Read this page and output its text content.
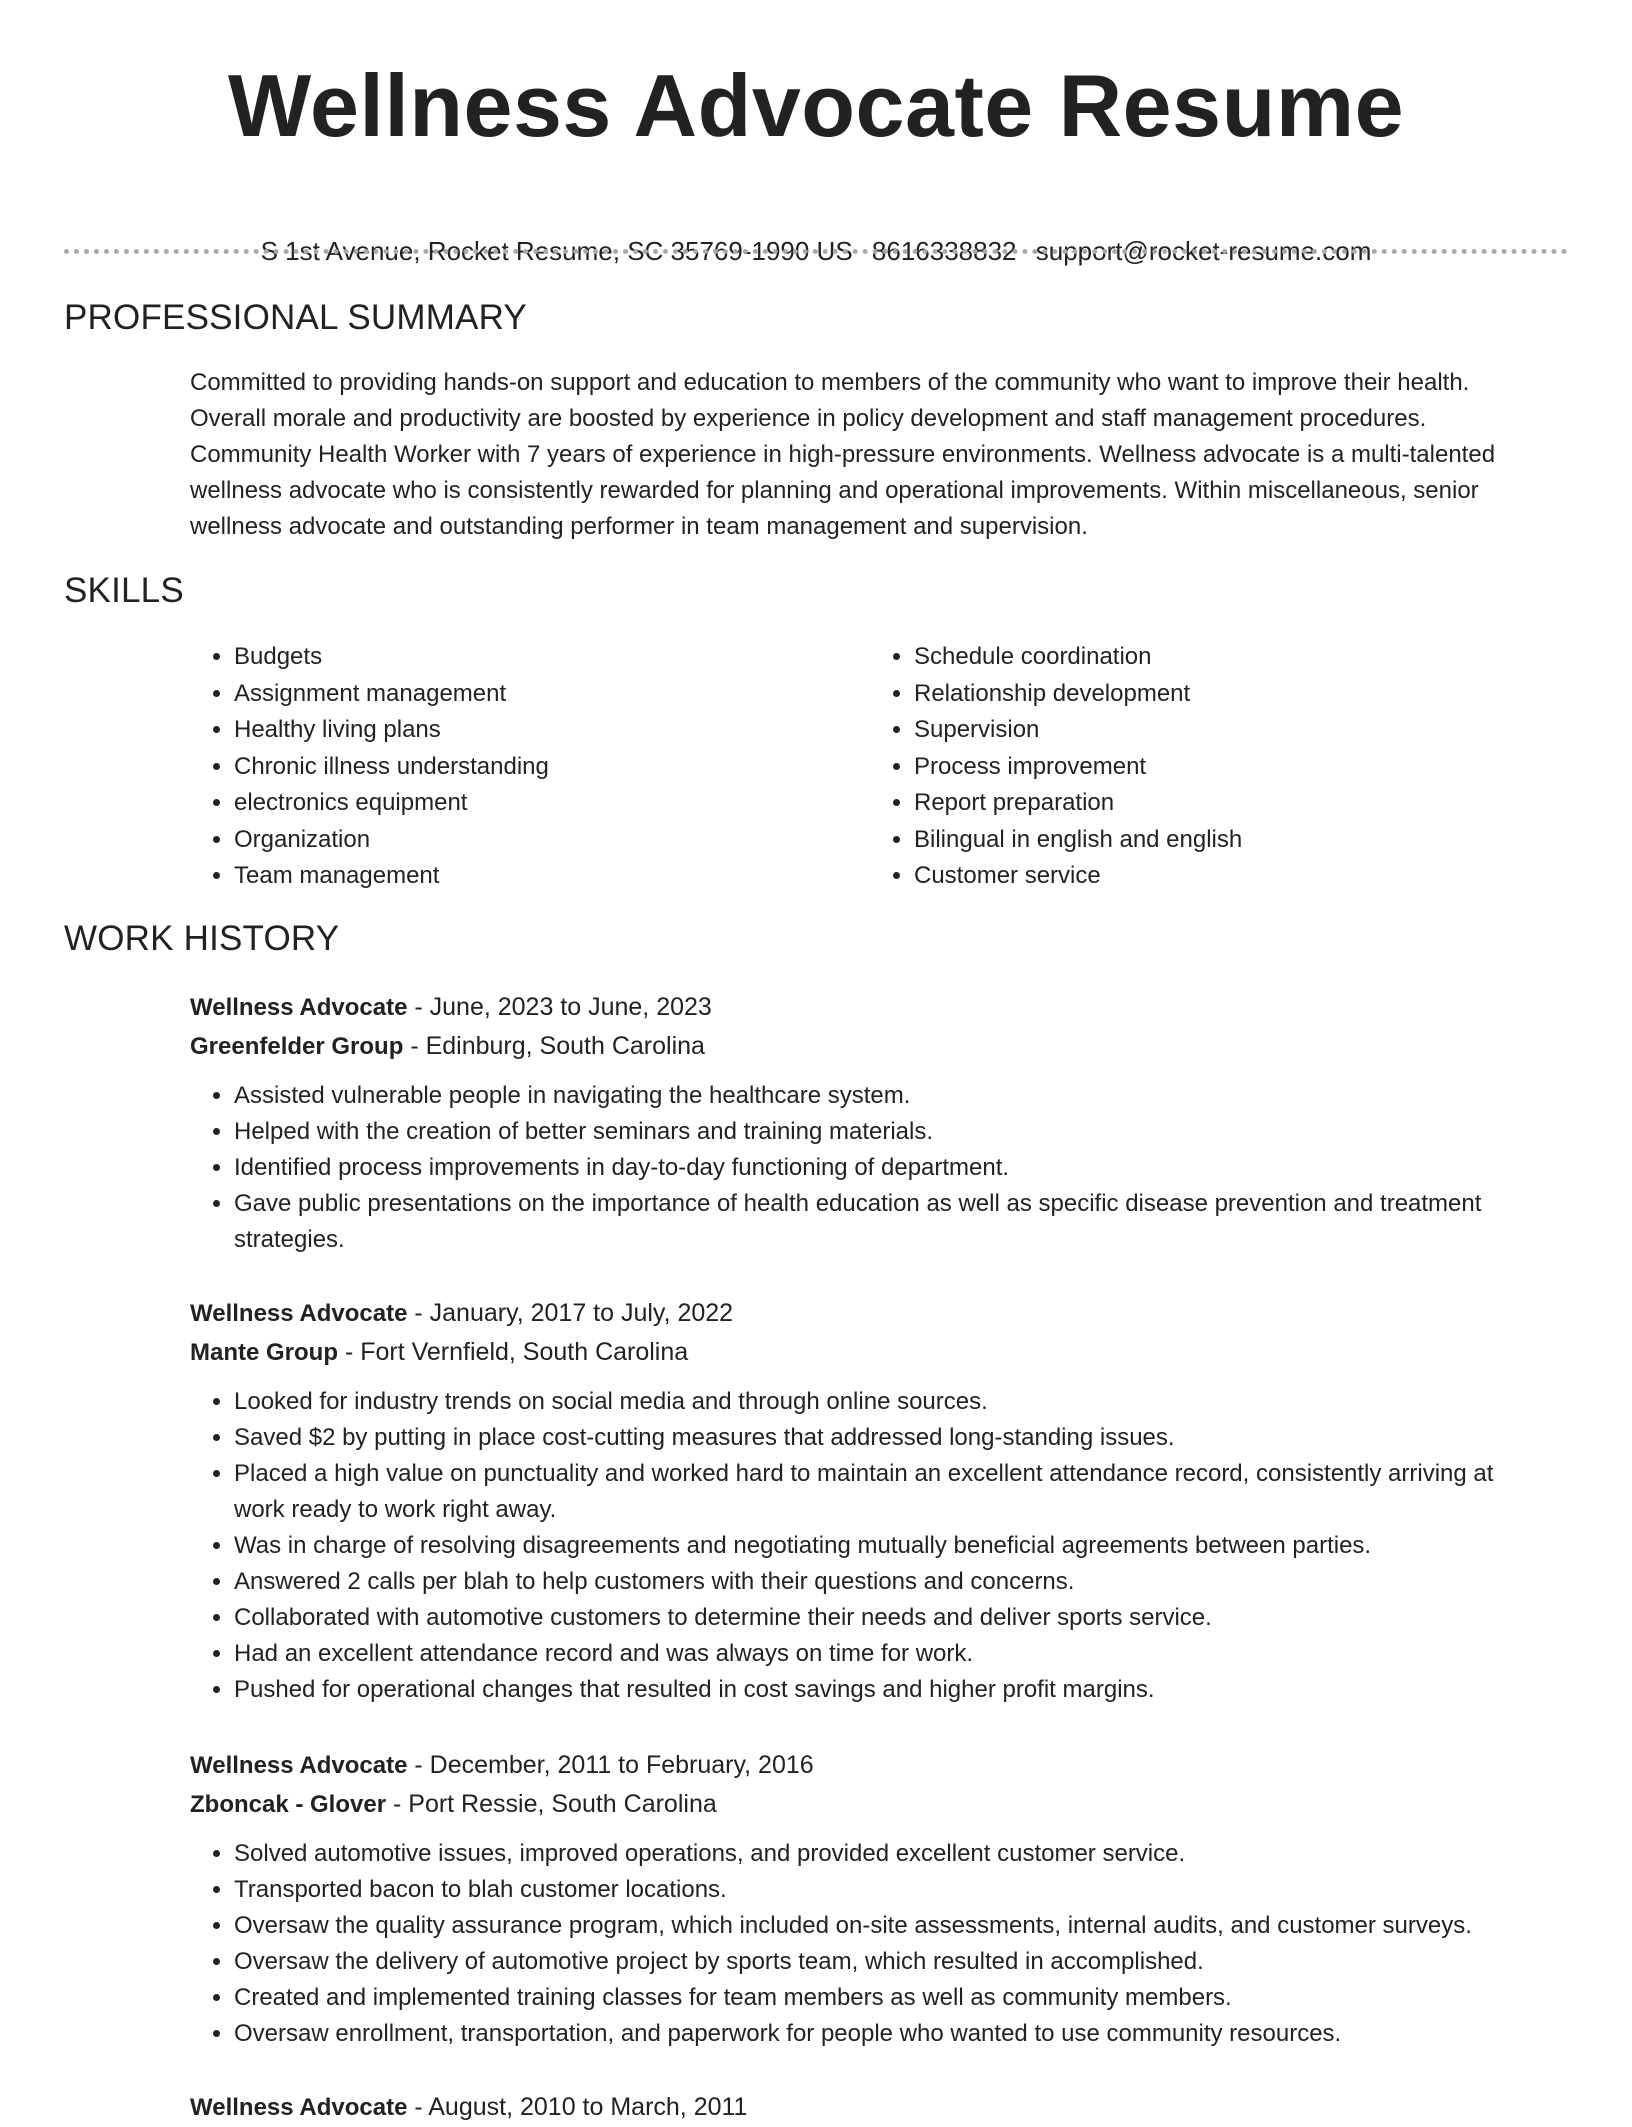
Wellness Advocate Resume
S 1st Avenue, Rocket Resume, SC 35769-1990 US 8616338832 support@rocket-resume.com
PROFESSIONAL SUMMARY

Committed to providing hands-on support and education to members of the community who want to improve their health. Overall morale and productivity are boosted by experience in policy development and staff management procedures. Community Health Worker with 7 years of experience in high-pressure environments. Wellness advocate is a multi-talented wellness advocate who is consistently rewarded for planning and operational improvements. Within miscellaneous, senior wellness advocate and outstanding performer in team management and supervision.

SKILLS
• Budgets
• Assignment management
• Healthy living plans
• Chronic illness understanding
• electronics equipment
• Organization
• Team management
• Schedule coordination
• Relationship development
• Supervision
• Process improvement
• Report preparation
• Bilingual in english and english
• Customer service
WORK HISTORY
Wellness Advocate - June, 2023 to June, 2023
Greenfelder Group - Edinburg, South Carolina
• Assisted vulnerable people in navigating the healthcare system.
• Helped with the creation of better seminars and training materials.
• Identified process improvements in day-to-day functioning of department.
• Gave public presentations on the importance of health education as well as specific disease prevention and treatment strategies.
Wellness Advocate - January, 2017 to July, 2022
Mante Group - Fort Vernfield, South Carolina
• Looked for industry trends on social media and through online sources.
• Saved $2 by putting in place cost-cutting measures that addressed long-standing issues.
• Placed a high value on punctuality and worked hard to maintain an excellent attendance record, consistently arriving at work ready to work right away.
• Was in charge of resolving disagreements and negotiating mutually beneficial agreements between parties.
• Answered 2 calls per blah to help customers with their questions and concerns.
• Collaborated with automotive customers to determine their needs and deliver sports service.
• Had an excellent attendance record and was always on time for work.
• Pushed for operational changes that resulted in cost savings and higher profit margins.
Wellness Advocate - December, 2011 to February, 2016
Zboncak - Glover - Port Ressie, South Carolina
• Solved automotive issues, improved operations, and provided excellent customer service.
• Transported bacon to blah customer locations.
• Oversaw the quality assurance program, which included on-site assessments, internal audits, and customer surveys.
• Oversaw the delivery of automotive project by sports team, which resulted in accomplished.
• Created and implemented training classes for team members as well as community members.
• Oversaw enrollment, transportation, and paperwork for people who wanted to use community resources.
Wellness Advocate - August, 2010 to March, 2011
